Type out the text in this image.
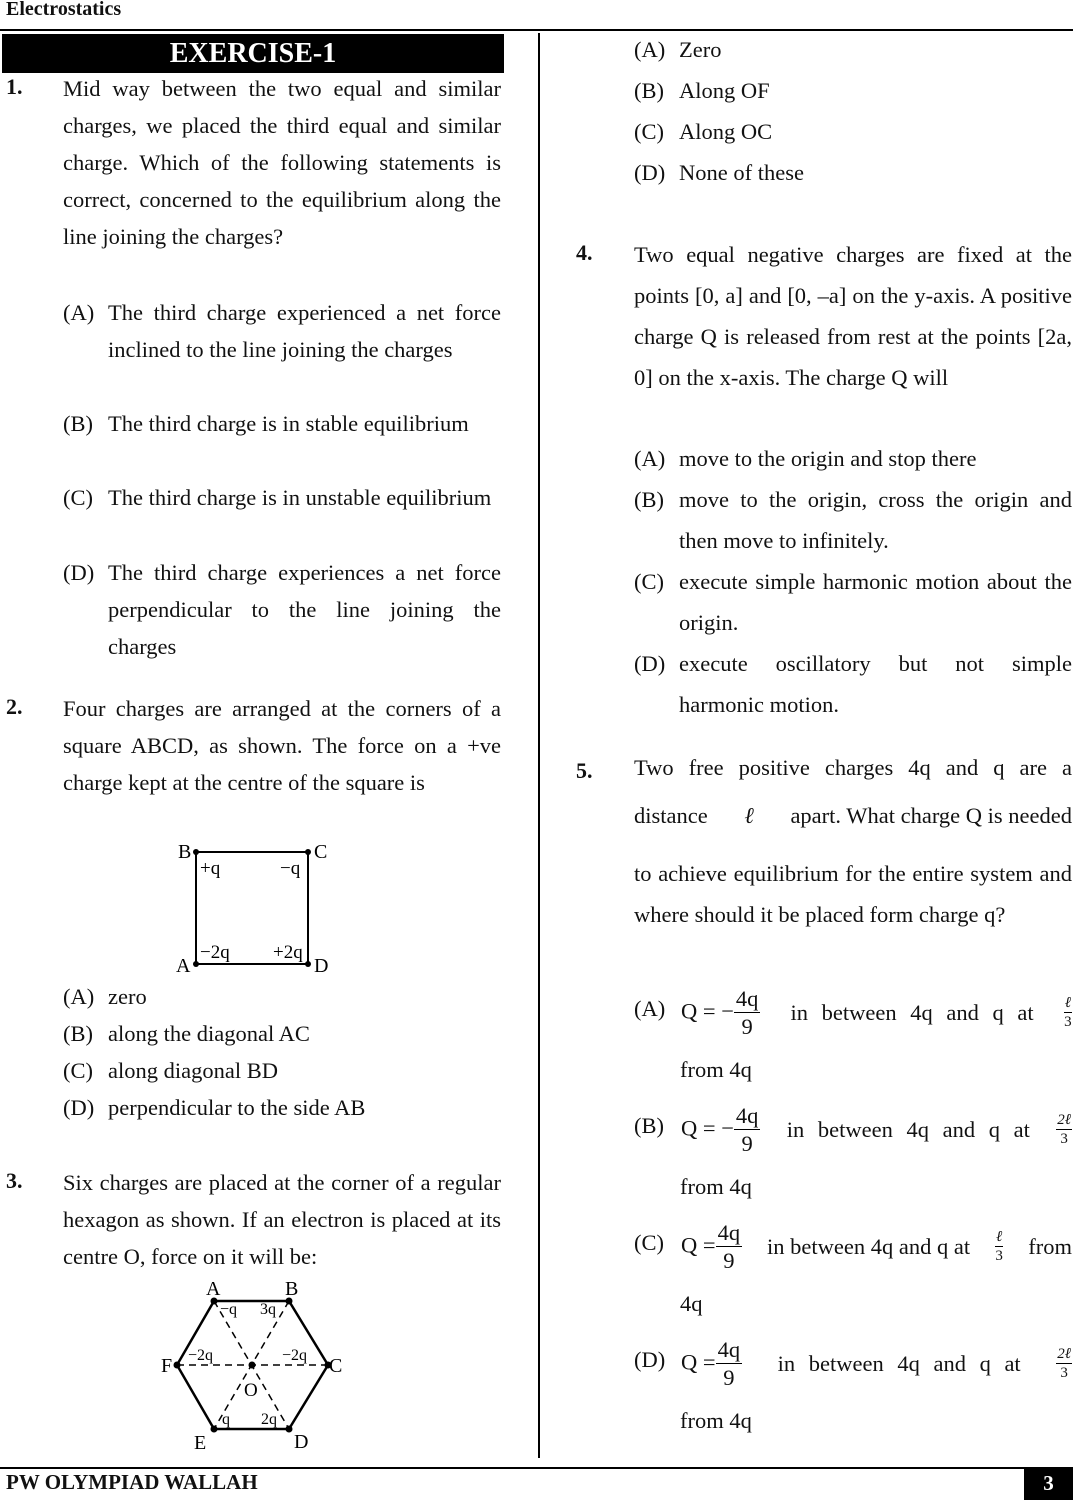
Electrostatics
EXERCISE-1
1. Mid way between the two equal and similar charges, we placed the third equal and similar charge. Which of the following statements is correct, concerned to the equilibrium along the line joining the charges?
(A) The third charge experienced a net force inclined to the line joining the charges
(B) The third charge is in stable equilibrium
(C) The third charge is in unstable equilibrium
(D) The third charge experiences a net force perpendicular to the line joining the charges
2. Four charges are arranged at the corners of a square ABCD, as shown. The force on a +ve charge kept at the centre of the square is
B	C
A	D
+q	−q
−2q +2q
(A) zero
(B) along the diagonal AC
(C) along diagonal BD
(D) perpendicular to the side AB
3. Six charges are placed at the corner of a regular hexagon as shown. If an electron is placed at its centre O, force on it will be:
A	B
C
D
E
F
O
−q 3q
−2q
2q
q
−2q
(A) Zero
(B) Along OF
(C) Along OC
(D) None of these
4. Two equal negative charges are fixed at the points [0, a] and [0, –a] on the y-axis. A positive charge Q is released from rest at the points [2a, 0] on the x-axis. The charge Q will
(A) move to the origin and stop there
(B) move to the origin, cross the origin and then move to infinitely.
(C) execute simple harmonic motion about the origin.
(D) execute oscillatory but not simple harmonic motion.
5. Two free positive charges 4q and q are a
distance ℓ apart. What charge Q is needed
to achieve equilibrium for the entire system and where should it be placed form charge q?
(A) Q = − $\frac{4q}{9}$ in between 4q and q at $\frac{\text{ℓ}}{3}$
from 4q
(B) Q = − $\frac{4q}{9}$ in between 4q and q at $\frac{\text{2ℓ}}{3}$
from 4q
(C) $Q = \frac{4q}{9}$ in between 4q and q at $\frac{\text{ℓ}}{3}$ from
4q
(D) $Q = \frac{4q}{9}$ in between 4q and q at $\frac{\text{2ℓ}}{3}$
from 4q
PW OLYMPIAD WALLAH	3
